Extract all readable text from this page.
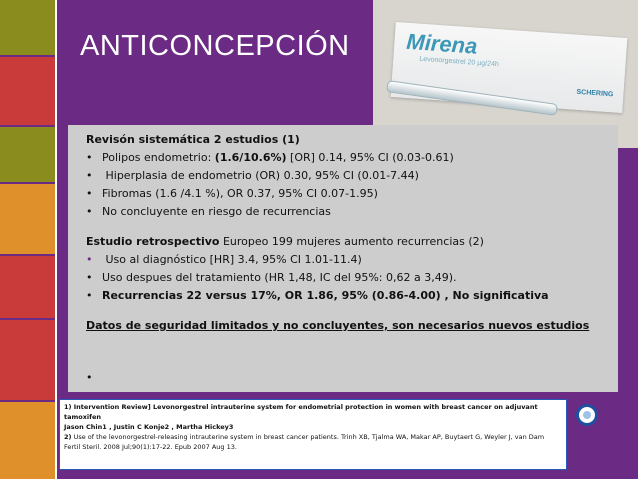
ANTICONCEPCIÓN	Mirena
Levonorgestrel 20 µg/24h
SCHERING
Revisón sistemática 2 estudios (1)
• Polipos endometrio: (1.6/10.6%) [OR] 0.14, 95% CI (0.03-0.61)
• Hiperplasia de endometrio (OR) 0.30, 95% CI (0.01-7.44)
• Fibromas (1.6 /4.1 %), OR 0.37, 95% CI 0.07-1.95)
• No concluyente en riesgo de recurrencias
Estudio retrospectivo Europeo 199 mujeres aumento recurrencias (2)
• Uso al diagnóstico [HR] 3.4, 95% CI 1.01-11.4)
• Uso despues del tratamiento (HR 1,48, IC del 95%: 0,62 a 3,49).
• Recurrencias 22 versus 17%, OR 1.86, 95% (0.86-4.00) , No significativa
Datos de seguridad limitados y no concluyentes, son necesarios nuevos estudios
•
1) Intervention Review] Levonorgestrel intrauterine system for endometrial protection in women with breast cancer on adjuvant tamoxifen
Jason Chin1 , Justin C Konje2 , Martha Hickey3
2) Use of the levonorgestrel-releasing intrauterine system in breast cancer patients. Trinh XB, Tjalma WA, Makar AP, Buytaert G, Weyler J, van Dam
Fertil Steril. 2008 Jul;90(1):17-22. Epub 2007 Aug 13.
